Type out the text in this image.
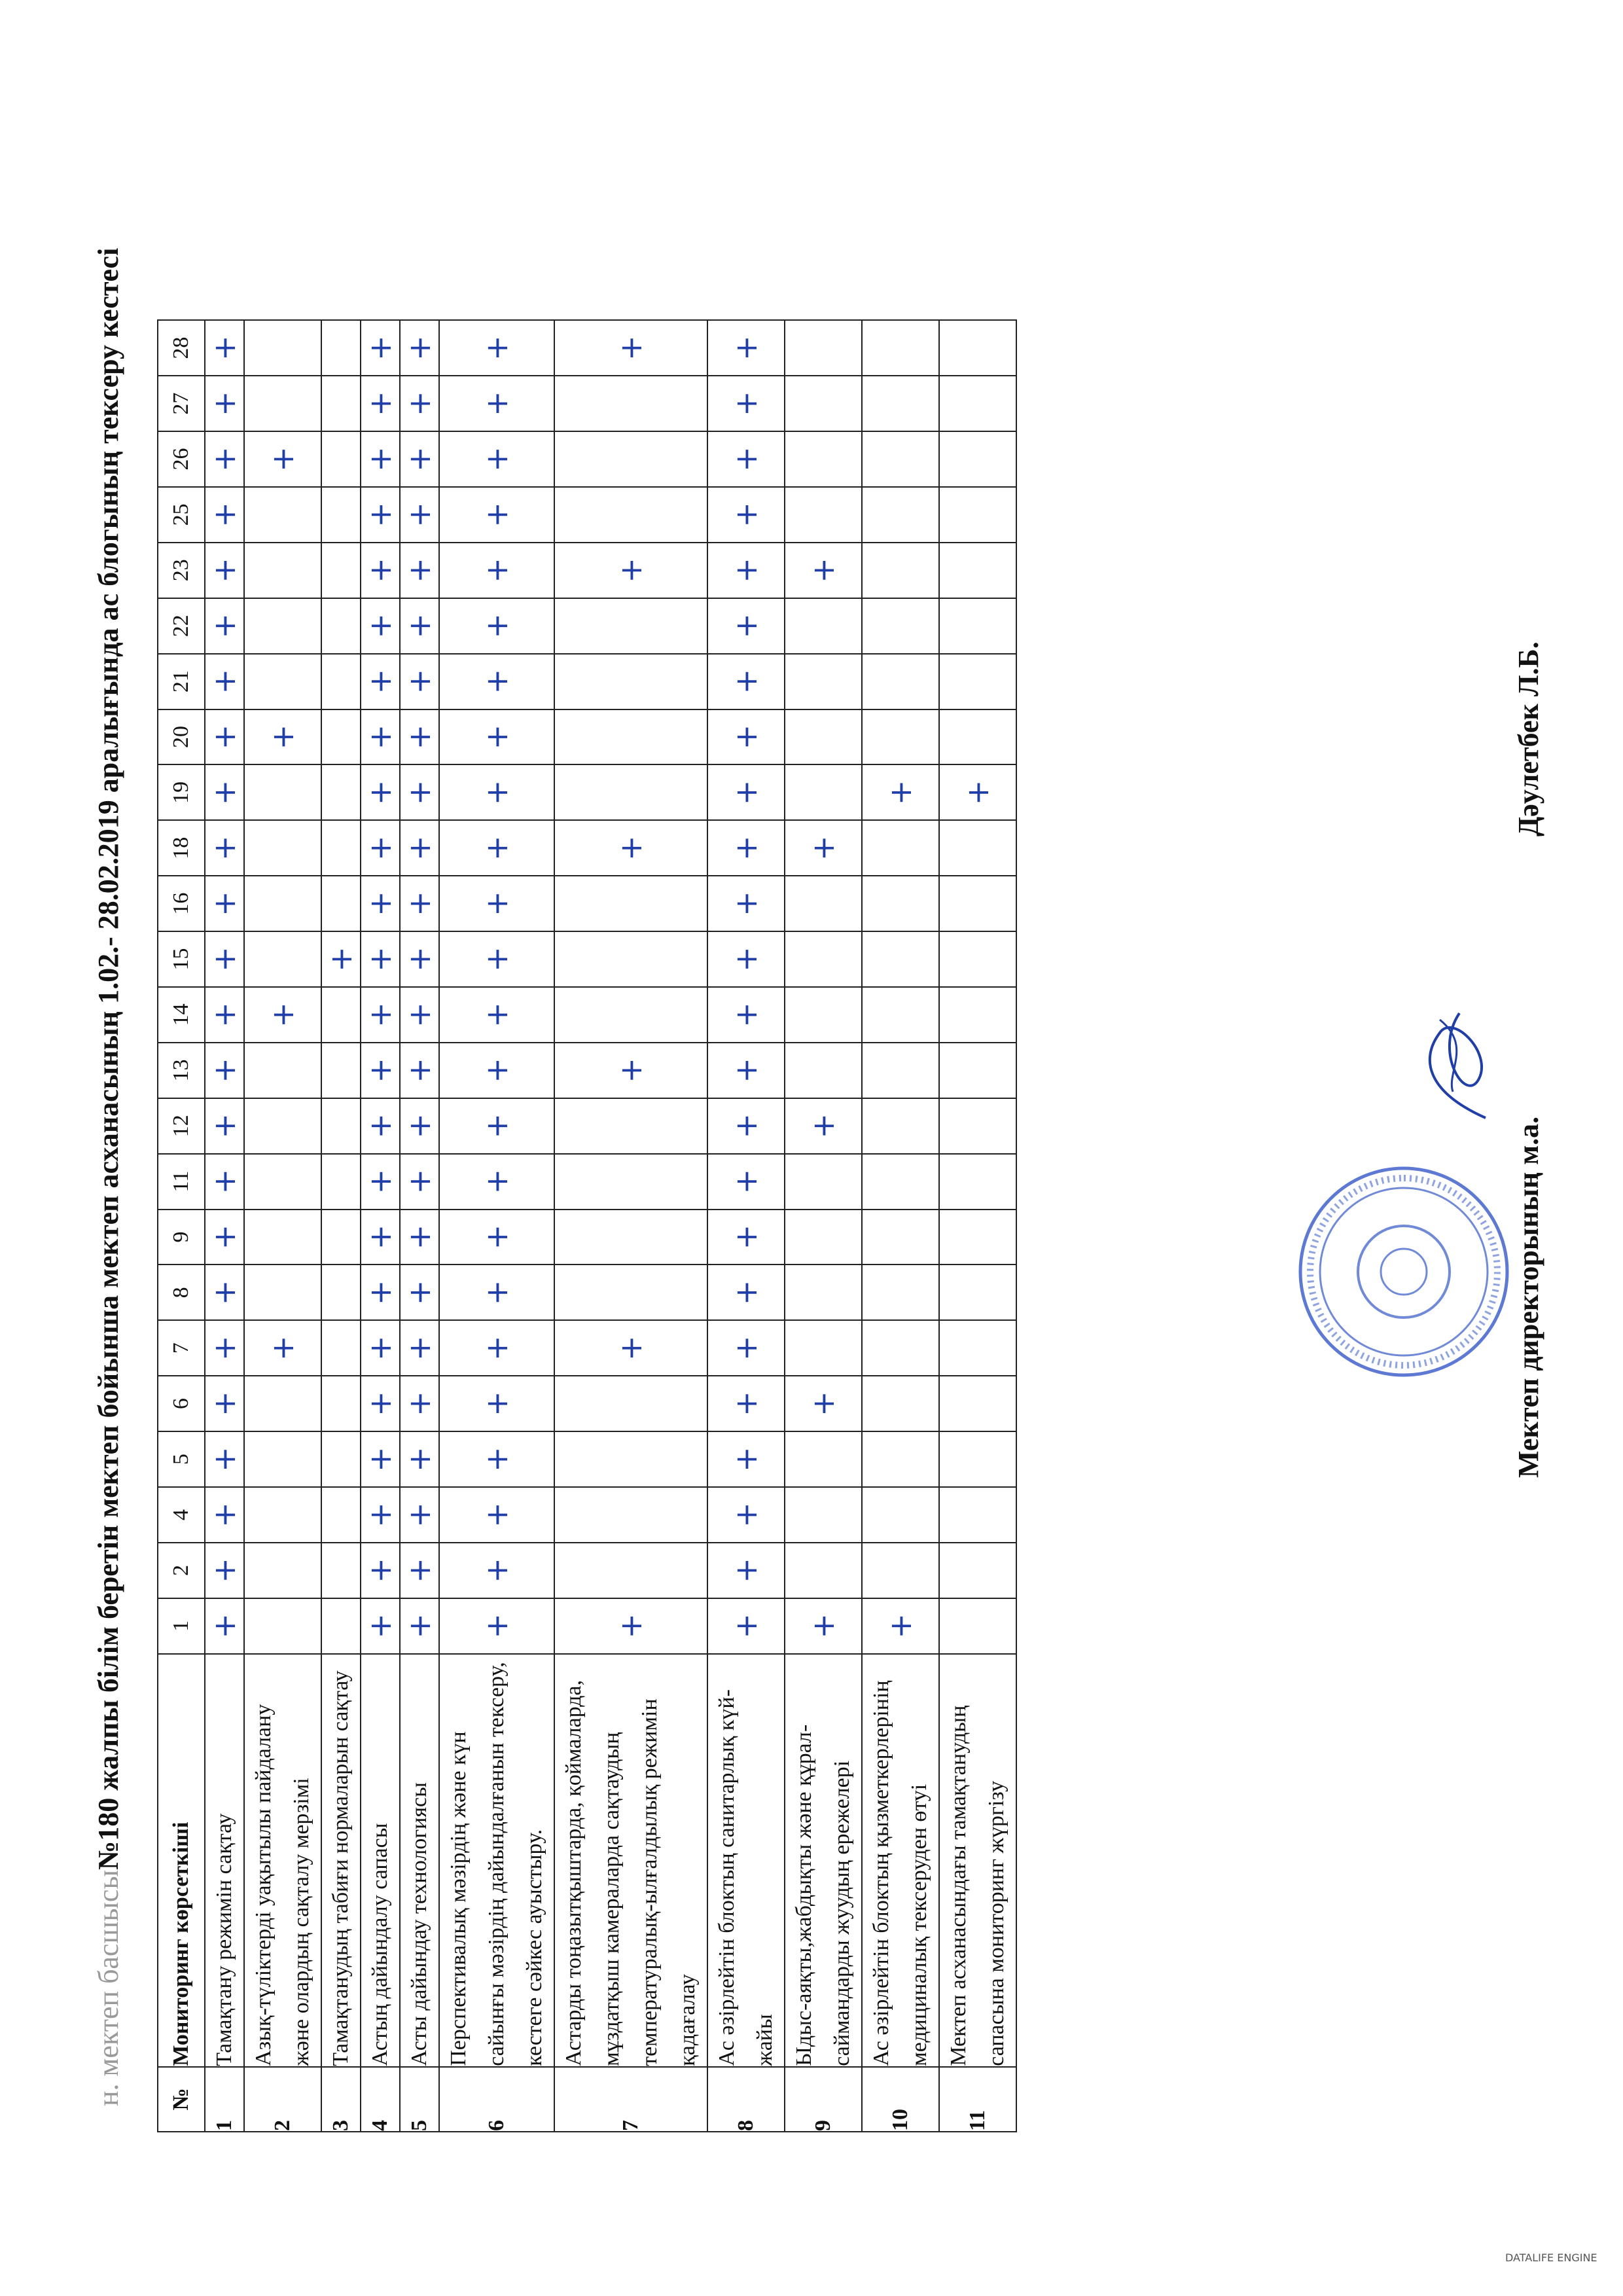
н. мектеп басшысы№180 жалпы білім беретін мектеп бойынша мектеп асханасының 1.02.- 28.02.2019 аралығында ас блогының тексеру кестесі
№	Мониторинг көрсеткіші	1	2	4	5	6	7	8	9	11	12	13	14	15	16	18	19	20	21	22	23	25	26	27	28
1	Тамақтану режимін сақтау	+	+	+	+	+	+	+	+	+	+	+	+	+	+	+	+	+	+	+	+	+	+	+	+
2	Азық-түліктерді уақытылы пайдалану және олардың сақталу мерзімі						+						+					+					+		
3	Тамақтанудың табиғи нормаларын сақтау													+											
4	Астың дайындалу сапасы	+	+	+	+	+	+	+	+	+	+	+	+	+	+	+	+	+	+	+	+	+	+	+	+
5	Асты дайындау технологиясы	+	+	+	+	+	+	+	+	+	+	+	+	+	+	+	+	+	+	+	+	+	+	+	+
6	Перспективалық мәзірдің және күн сайынғы мәзірдің дайындалғанын тексеру, кестеге сәйкес ауыстыру.	+	+	+	+	+	+	+	+	+	+	+	+	+	+	+	+	+	+	+	+	+	+	+	+
7	Астарды тоңазытқыштарда, қоймаларда, мұздатқыш камераларда сақтаудың температуралық-ылғалдылық режимін қадағалау	+					+					+				+					+				+
8	Ас әзірлейтін блоктың санитарлық күй-жайы	+	+	+	+	+	+	+	+	+	+	+	+	+	+	+	+	+	+	+	+	+	+	+	+
9	Ыдыс-аяқты,жабдықты және құрал-саймандарды жуудың ережелері	+				+					+					+					+				
10	Ас әзірлейтін блоктың қызметкерлерінің медициналық тексеруден өтуі	+															+								
11	Мектеп асханасындағы тамақтанудың сапасына мониторинг жүргізу																+								
Мектеп директорының м.а.
Дәулетбек Л.Б.
DATALIFE ENGINE
